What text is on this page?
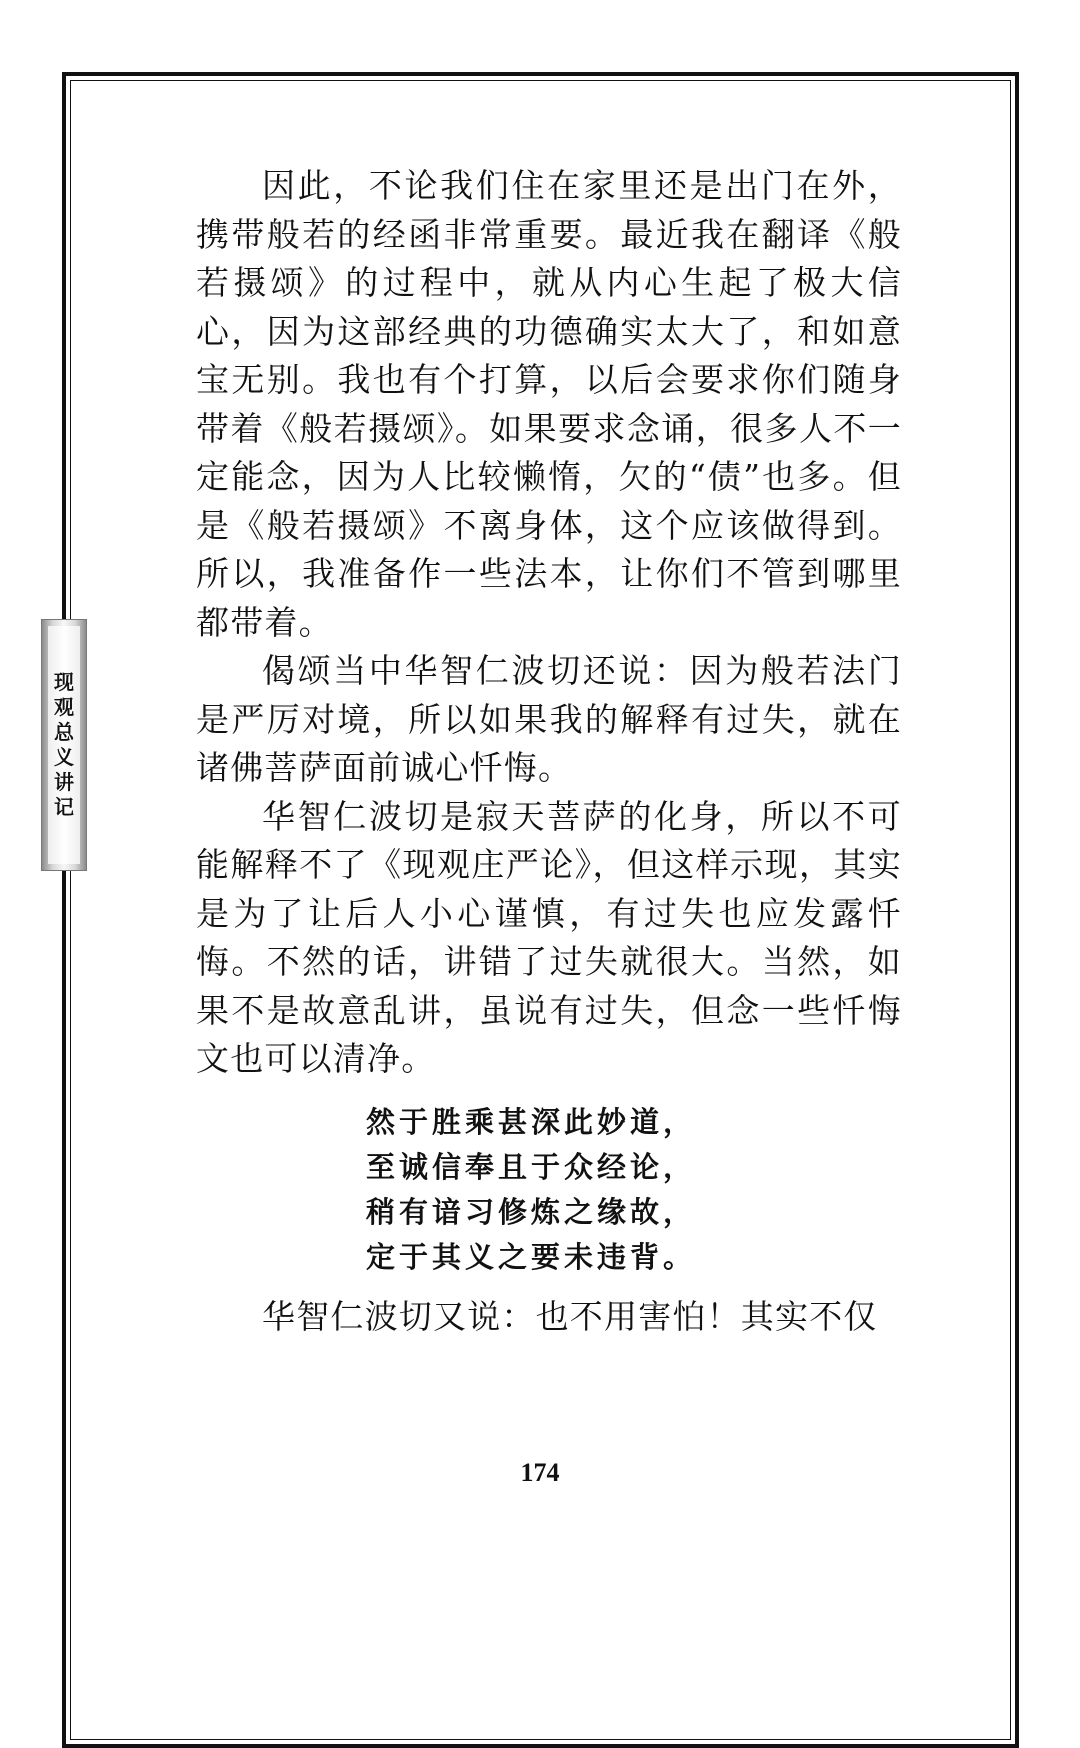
现
观
总
义
讲
记

因此，不论我们住在家里还是出门在外，携带般若的经函非常重要。最近我在翻译《般若摄颂》的过程中，就从内心生起了极大信心，因为这部经典的功德确实太大了，和如意宝无别。我也有个打算，以后会要求你们随身带着《般若摄颂》。如果要求念诵，很多人不一定能念，因为人比较懒惰，欠的“债”也多。但是《般若摄颂》不离身体，这个应该做得到。所以，我准备作一些法本，让你们不管到哪里都带着。

偈颂当中华智仁波切还说：因为般若法门是严厉对境，所以如果我的解释有过失，就在诸佛菩萨面前诚心忏悔。

华智仁波切是寂天菩萨的化身，所以不可能解释不了《现观庄严论》，但这样示现，其实是为了让后人小心谨慎，有过失也应发露忏悔。不然的话，讲错了过失就很大。当然，如果不是故意乱讲，虽说有过失，但念一些忏悔文也可以清净。

然于胜乘甚深此妙道，
至诚信奉且于众经论，
稍有谙习修炼之缘故，
定于其义之要未违背。
华智仁波切又说：也不用害怕！其实不仅
174
